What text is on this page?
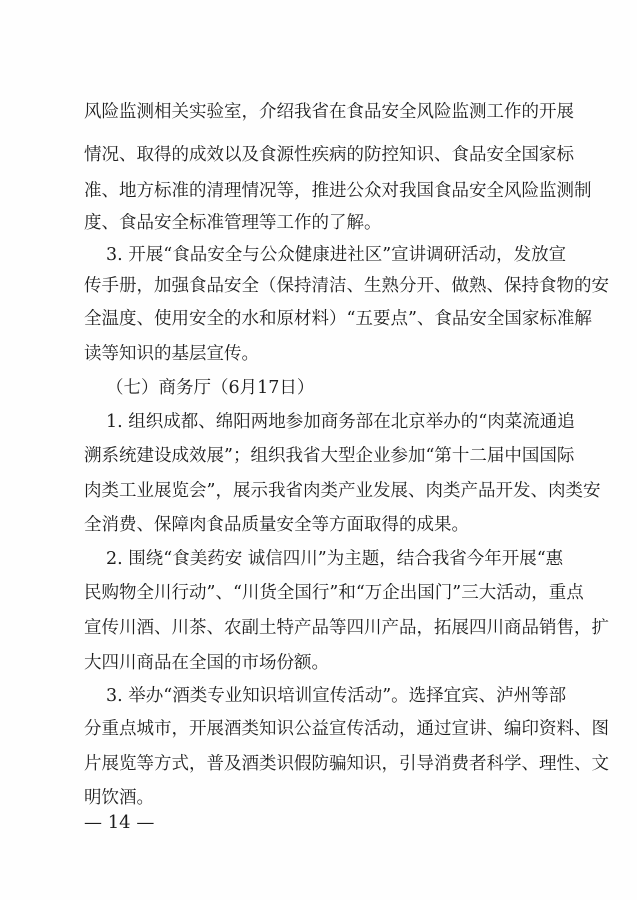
风险监测相关实验室，介绍我省在食品安全风险监测工作的开展
情况、取得的成效以及食源性疾病的防控知识、食品安全国家标
准、地方标准的清理情况等，推进公众对我国食品安全风险监测制
度、食品安全标准管理等工作的了解。
3. 开展“食品安全与公众健康进社区”宣讲调研活动，发放宣
传手册，加强食品安全（保持清洁、生熟分开、做熟、保持食物的安
全温度、使用安全的水和原材料）“五要点”、食品安全国家标准解
读等知识的基层宣传。
（七）商务厅（6月17日）
1. 组织成都、绵阳两地参加商务部在北京举办的“肉菜流通追
溯系统建设成效展”；组织我省大型企业参加“第十二届中国国际
肉类工业展览会”，展示我省肉类产业发展、肉类产品开发、肉类安
全消费、保障肉食品质量安全等方面取得的成果。
2. 围绕“食美药安 诚信四川”为主题，结合我省今年开展“惠
民购物全川行动”、“川货全国行”和“万企出国门”三大活动，重点
宣传川酒、川茶、农副土特产品等四川产品，拓展四川商品销售，扩
大四川商品在全国的市场份额。
3. 举办“酒类专业知识培训宣传活动”。选择宜宾、泸州等部
分重点城市，开展酒类知识公益宣传活动，通过宣讲、编印资料、图
片展览等方式，普及酒类识假防骗知识，引导消费者科学、理性、文
明饮酒。
— 14 —
